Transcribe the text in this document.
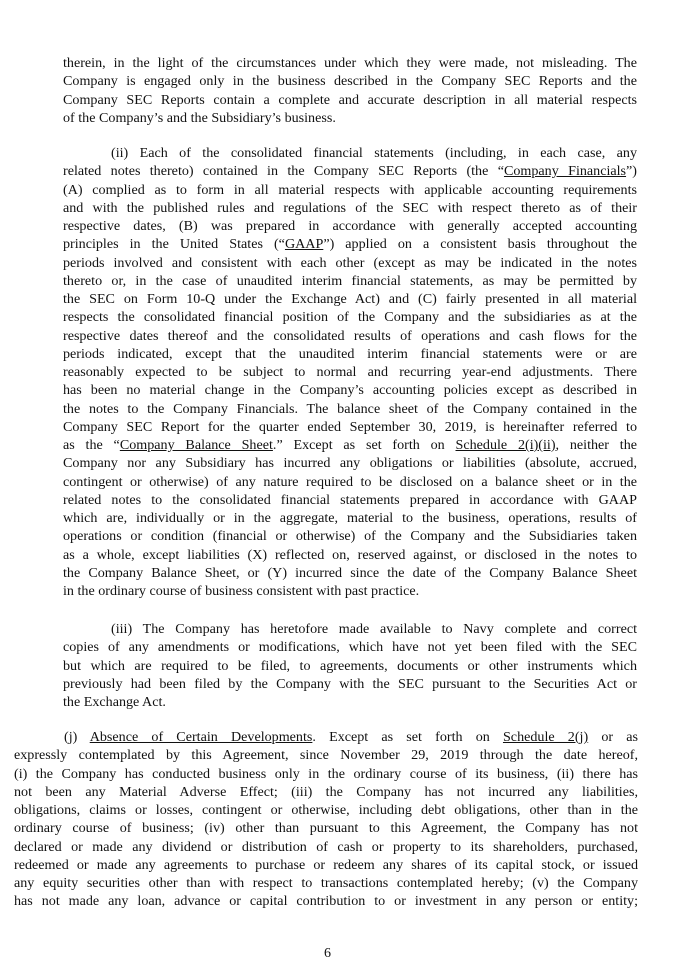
therein, in the light of the circumstances under which they were made, not misleading. The
Company is engaged only in the business described in the Company SEC Reports and the
Company SEC Reports contain a complete and accurate description in all material respects
of the Company’s and the Subsidiary’s business.
(ii) Each of the consolidated financial statements (including, in each case, any
related notes thereto) contained in the Company SEC Reports (the “Company Financials”)
(A) complied as to form in all material respects with applicable accounting requirements
and with the published rules and regulations of the SEC with respect thereto as of their
respective dates, (B) was prepared in accordance with generally accepted accounting
principles in the United States (“GAAP”) applied on a consistent basis throughout the
periods involved and consistent with each other (except as may be indicated in the notes
thereto or, in the case of unaudited interim financial statements, as may be permitted by
the SEC on Form 10-Q under the Exchange Act) and (C) fairly presented in all material
respects the consolidated financial position of the Company and the subsidiaries as at the
respective dates thereof and the consolidated results of operations and cash flows for the
periods indicated, except that the unaudited interim financial statements were or are
reasonably expected to be subject to normal and recurring year-end adjustments. There
has been no material change in the Company’s accounting policies except as described in
the notes to the Company Financials. The balance sheet of the Company contained in the
Company SEC Report for the quarter ended September 30, 2019, is hereinafter referred to
as the “Company Balance Sheet.” Except as set forth on Schedule 2(i)(ii), neither the
Company nor any Subsidiary has incurred any obligations or liabilities (absolute, accrued,
contingent or otherwise) of any nature required to be disclosed on a balance sheet or in the
related notes to the consolidated financial statements prepared in accordance with GAAP
which are, individually or in the aggregate, material to the business, operations, results of
operations or condition (financial or otherwise) of the Company and the Subsidiaries taken
as a whole, except liabilities (X) reflected on, reserved against, or disclosed in the notes to
the Company Balance Sheet, or (Y) incurred since the date of the Company Balance Sheet
in the ordinary course of business consistent with past practice.
(iii) The Company has heretofore made available to Navy complete and correct
copies of any amendments or modifications, which have not yet been filed with the SEC
but which are required to be filed, to agreements, documents or other instruments which
previously had been filed by the Company with the SEC pursuant to the Securities Act or
the Exchange Act.
(j) Absence of Certain Developments. Except as set forth on Schedule 2(j) or as
expressly contemplated by this Agreement, since November 29, 2019 through the date hereof,
(i) the Company has conducted business only in the ordinary course of its business, (ii) there has
not been any Material Adverse Effect; (iii) the Company has not incurred any liabilities,
obligations, claims or losses, contingent or otherwise, including debt obligations, other than in the
ordinary course of business; (iv) other than pursuant to this Agreement, the Company has not
declared or made any dividend or distribution of cash or property to its shareholders, purchased,
redeemed or made any agreements to purchase or redeem any shares of its capital stock, or issued
any equity securities other than with respect to transactions contemplated hereby; (v) the Company
has not made any loan, advance or capital contribution to or investment in any person or entity;
6
